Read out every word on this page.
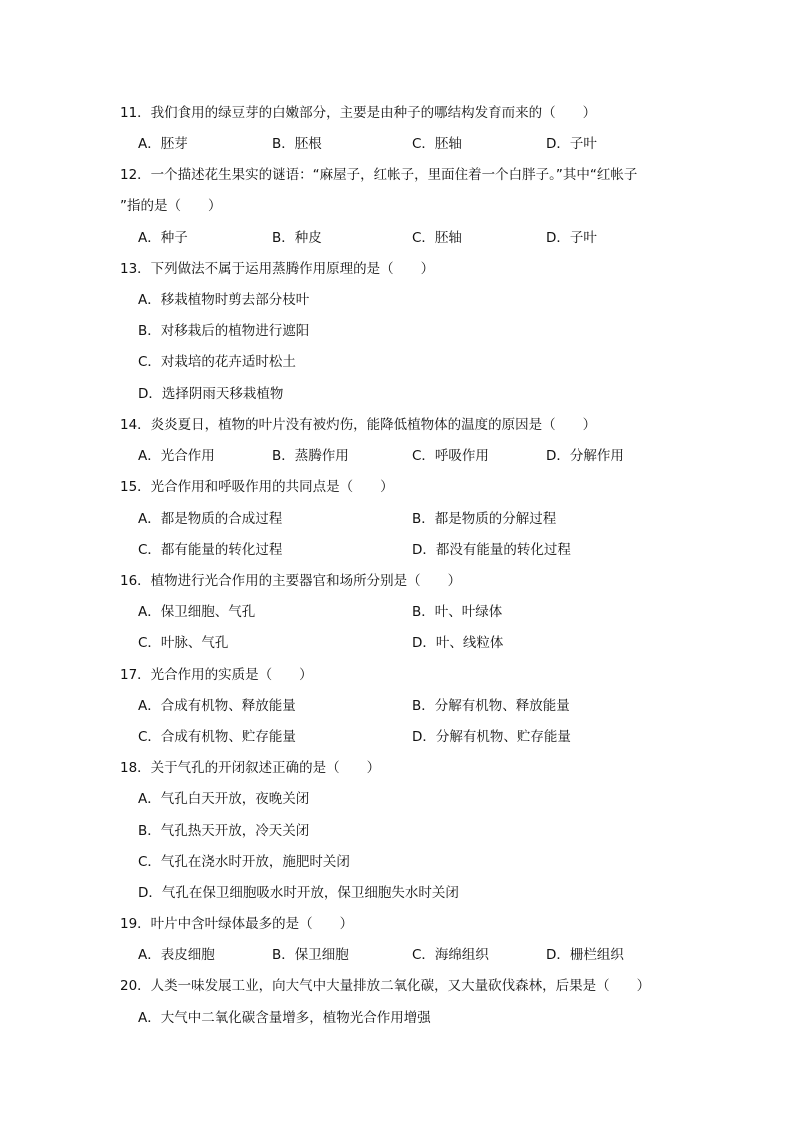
11．我们食用的绿豆芽的白嫩部分，主要是由种子的哪结构发育而来的（　　）
A．胚芽	B．胚根	C．胚轴	D．子叶
12．一个描述花生果实的谜语：“麻屋子，红帐子，里面住着一个白胖子。”其中“红帐子
”指的是（　　）
A．种子	B．种皮	C．胚轴	D．子叶
13．下列做法不属于运用蒸腾作用原理的是（　　）
A．移栽植物时剪去部分枝叶
B．对移栽后的植物进行遮阳
C．对栽培的花卉适时松土
D．选择阴雨天移栽植物
14．炎炎夏日，植物的叶片没有被灼伤，能降低植物体的温度的原因是（　　）
A．光合作用	B．蒸腾作用	C．呼吸作用	D．分解作用
15．光合作用和呼吸作用的共同点是（　　）
A．都是物质的合成过程	B．都是物质的分解过程
C．都有能量的转化过程	D．都没有能量的转化过程
16．植物进行光合作用的主要器官和场所分别是（　　）
A．保卫细胞、气孔	B．叶、叶绿体
C．叶脉、气孔	D．叶、线粒体
17．光合作用的实质是（　　）
A．合成有机物、释放能量	B．分解有机物、释放能量
C．合成有机物、贮存能量	D．分解有机物、贮存能量
18．关于气孔的开闭叙述正确的是（　　）
A．气孔白天开放，夜晚关闭
B．气孔热天开放，冷天关闭
C．气孔在浇水时开放，施肥时关闭
D．气孔在保卫细胞吸水时开放，保卫细胞失水时关闭
19．叶片中含叶绿体最多的是（　　）
A．表皮细胞	B．保卫细胞	C．海绵组织	D．栅栏组织
20．人类一味发展工业，向大气中大量排放二氧化碳，又大量砍伐森林，后果是（　　）
A．大气中二氧化碳含量增多，植物光合作用增强
